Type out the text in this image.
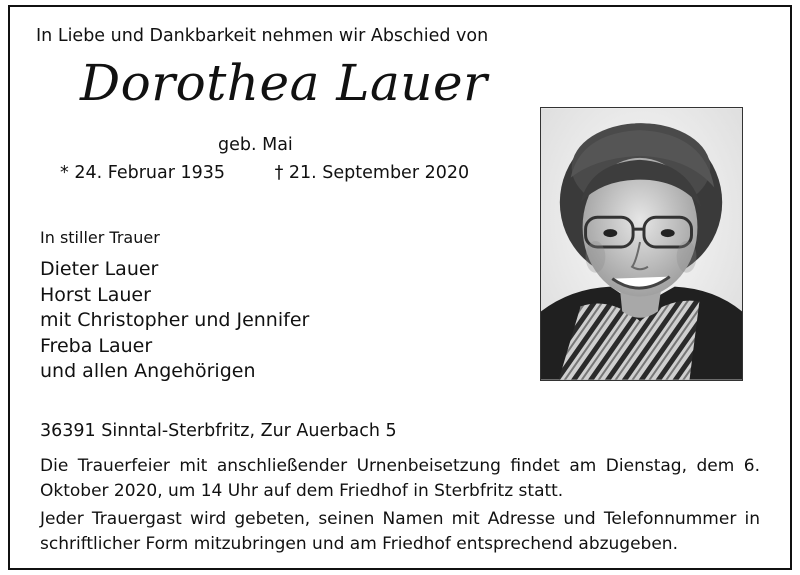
In Liebe und Dankbarkeit nehmen wir Abschied von
Dorothea Lauer
geb. Mai
* 24. Februar 1935	† 21. September 2020
In stiller Trauer
Dieter Lauer
Horst Lauer
mit Christopher und Jennifer
Freba Lauer
und allen Angehörigen
36391 Sinntal-Sterbfritz, Zur Auerbach 5

Die Trauerfeier mit anschließender Urnenbeisetzung findet am Dienstag, dem 6. Oktober 2020, um 14 Uhr auf dem Friedhof in Sterbfritz statt.

Jeder Trauergast wird gebeten, seinen Namen mit Adresse und Telefonnummer in schriftlicher Form mitzubringen und am Friedhof entsprechend abzugeben.
